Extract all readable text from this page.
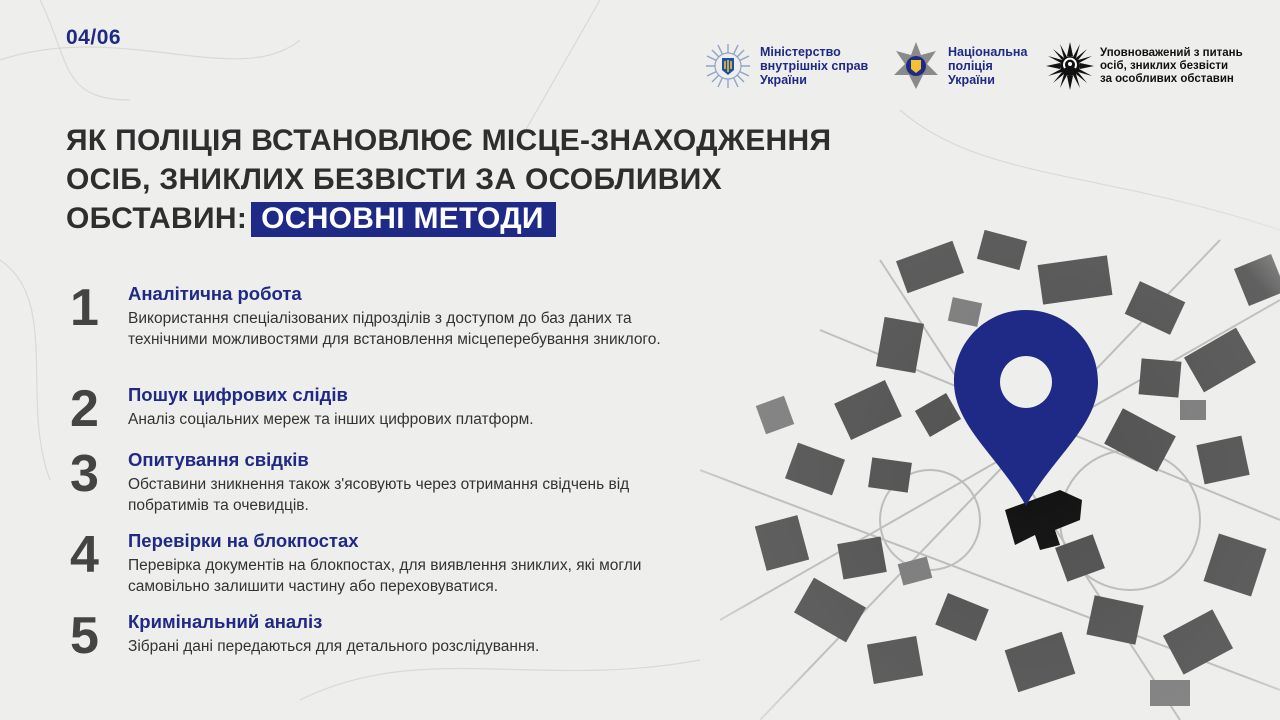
04/06
Міністерство
внутрішніх справ
України
Національна
поліція
України
Уповноважений з питань
осіб, зниклих безвісти
за особливих обставин
ЯК ПОЛІЦІЯ ВСТАНОВЛЮЄ МІСЦЕ-ЗНАХОДЖЕННЯ
ОСІБ, ЗНИКЛИХ БЕЗВІСТИ ЗА ОСОБЛИВИХ
ОБСТАВИН: ОСНОВНІ МЕТОДИ
1 Аналітична робота
Використання спеціалізованих підрозділів з доступом до баз даних та технічними можливостями для встановлення місцеперебування зниклого.
2 Пошук цифрових слідів
Аналіз соціальних мереж та інших цифрових платформ.
3 Опитування свідків
Обставини зникнення також з'ясовують через отримання свідчень від побратимів та очевидців.
4 Перевірки на блокпостах
Перевірка документів на блокпостах, для виявлення зниклих, які могли самовільно залишити частину або переховуватися.
5 Кримінальний аналіз
Зібрані дані передаються для детального розслідування.
